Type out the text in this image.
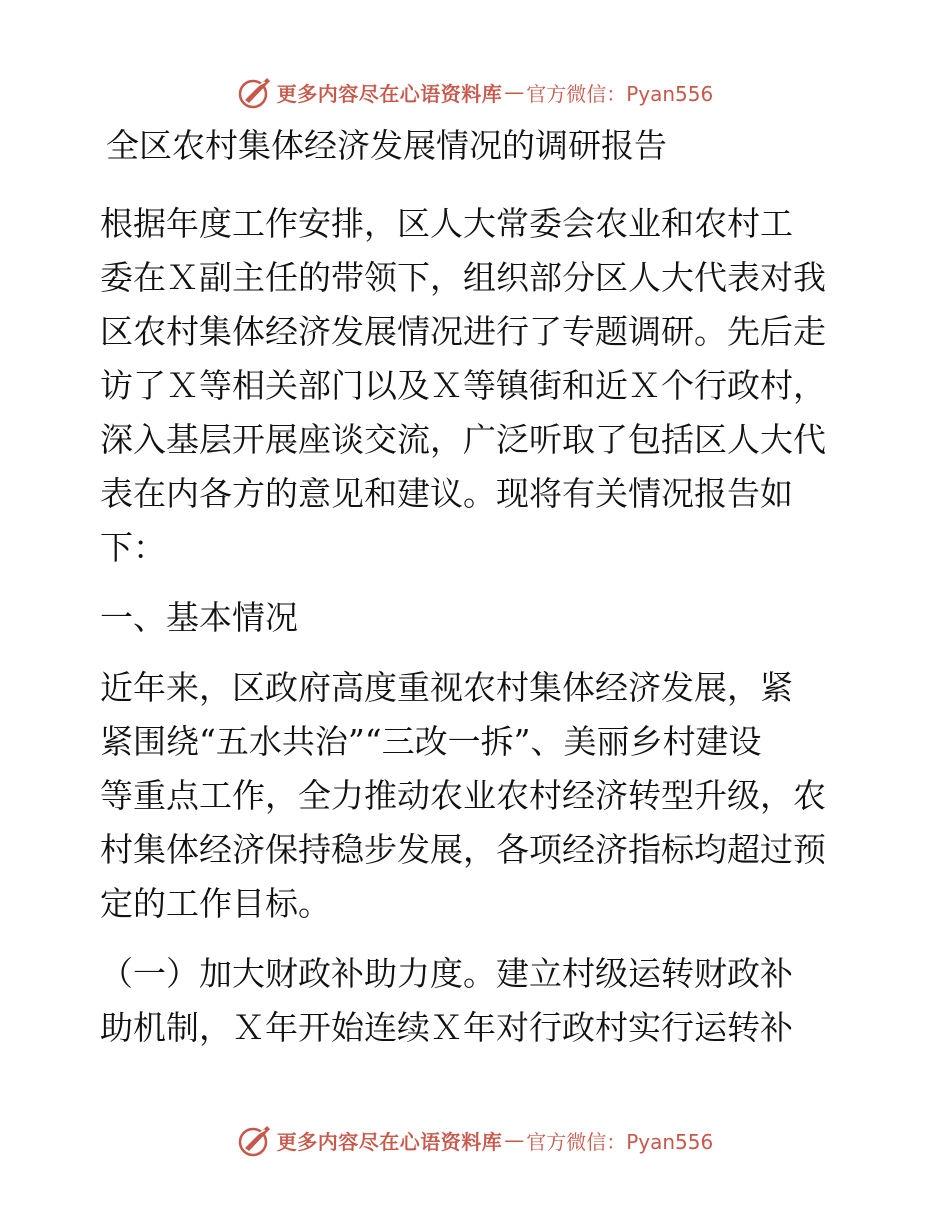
更多内容尽在心语资料库 — 官方微信：Pyan556
全区农村集体经济发展情况的调研报告
根据年度工作安排，区人大常委会农业和农村工
委在Ｘ副主任的带领下，组织部分区人大代表对我
区农村集体经济发展情况进行了专题调研。先后走
访了Ｘ等相关部门以及Ｘ等镇街和近Ｘ个行政村，
深入基层开展座谈交流，广泛听取了包括区人大代
表在内各方的意见和建议。现将有关情况报告如
下：
一、基本情况
近年来，区政府高度重视农村集体经济发展，紧
紧围绕“五水共治”“三改一拆”、美丽乡村建设
等重点工作，全力推动农业农村经济转型升级，农
村集体经济保持稳步发展，各项经济指标均超过预
定的工作目标。
（一）加大财政补助力度。建立村级运转财政补
助机制，Ｘ年开始连续Ｘ年对行政村实行运转补
更多内容尽在心语资料库 — 官方微信：Pyan556
